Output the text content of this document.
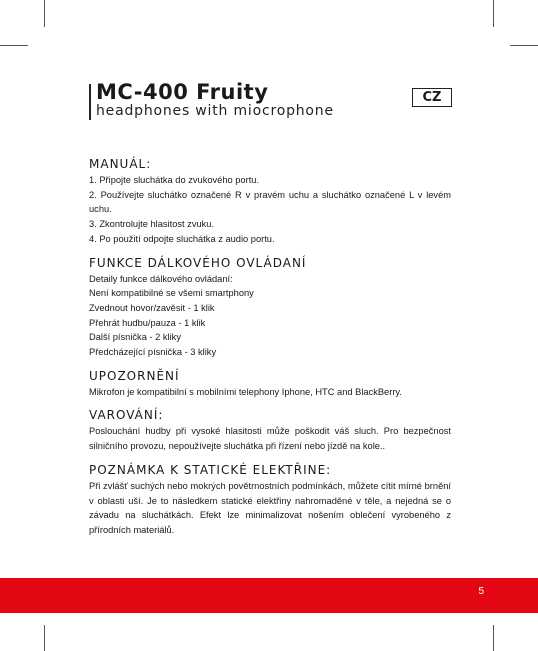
MC-400 Fruity
headphones with miocrophone
CZ
MANUÁL:

1. Připojte sluchátka do zvukového portu.

2. Používejte sluchátko označené R v pravém uchu a sluchátko označené L v levém uchu.

3. Zkontrolujte hlasitost zvuku.

4. Po použití odpojte sluchátka z audio portu.

FUNKCE DÁLKOVÉHO OVLÁDANÍ
Detaily funkce dálkového ovládaní:
Není kompatibilné se všemi smartphony
Zvednout hovor/zavěsit - 1 klik
Přehrát hudbu/pauza - 1 klik
Další písnička - 2 kliky
Předcházející písnička - 3 kliky
UPOZORNĚNÍ

Mikrofon je kompatibilní s mobilními telephony Iphone, HTC and BlackBerry.

VAROVÁNÍ:

Poslouchání hudby při vysoké hlasitosti může poškodit váš sluch. Pro bezpečnost silničního provozu, nepoužívejte sluchátka při řízení nebo jízdě na kole..

POZNÁMKA K STATICKÉ ELEKTŘINE:

Při zvlášť suchých nebo mokrých povětrnostních podmínkách, můžete cítit mírné brnění v oblasti uší. Je to následkem statické elektřiny nahromaděné v těle, a nejedná se o závadu na sluchátkách. Efekt lze minimalizovat nošením oblečení vyrobeného z přírodních materiálů.

5
